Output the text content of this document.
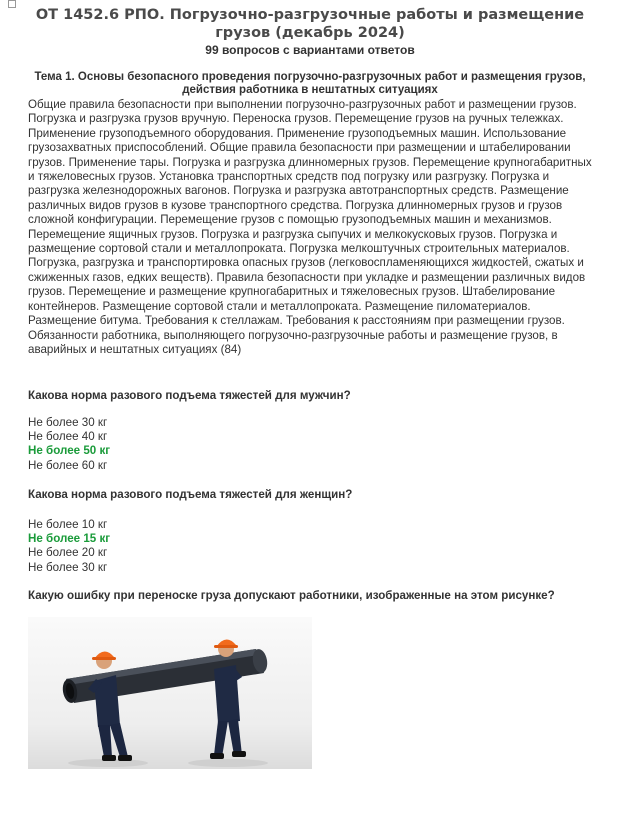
ОТ 1452.6 РПО. Погрузочно-разгрузочные работы и размещение грузов (декабрь 2024)
99 вопросов с вариантами ответов
Тема 1. Основы безопасного проведения погрузочно-разгрузочных работ и размещения грузов, действия работника в нештатных ситуациях
Общие правила безопасности при выполнении погрузочно-разгрузочных работ и размещении грузов. Погрузка и разгрузка грузов вручную. Переноска грузов. Перемещение грузов на ручных тележках. Применение грузоподъемного оборудования. Применение грузоподъемных машин. Использование грузозахватных приспособлений. Общие правила безопасности при размещении и штабелировании грузов. Применение тары. Погрузка и разгрузка длинномерных грузов. Перемещение крупногабаритных и тяжеловесных грузов. Установка транспортных средств под погрузку или разгрузку. Погрузка и разгрузка железнодорожных вагонов. Погрузка и разгрузка автотранспортных средств. Размещение различных видов грузов в кузове транспортного средства. Погрузка длинномерных грузов и грузов сложной конфигурации. Перемещение грузов с помощью грузоподъемных машин и механизмов. Перемещение ящичных грузов. Погрузка и разгрузка сыпучих и мелкокусковых грузов. Погрузка и размещение сортовой стали и металлопроката. Погрузка мелкоштучных строительных материалов. Погрузка, разгрузка и транспортировка опасных грузов (легковоспламеняющихся жидкостей, сжатых и сжиженных газов, едких веществ). Правила безопасности при укладке и размещении различных видов грузов. Перемещение и размещение крупногабаритных и тяжеловесных грузов. Штабелирование контейнеров. Размещение сортовой стали и металлопроката. Размещение пиломатериалов. Размещение битума. Требования к стеллажам. Требования к расстояниям при размещении грузов. Обязанности работника, выполняющего погрузочно-разгрузочные работы и размещение грузов, в аварийных и нештатных ситуациях (84)
Какова норма разового подъема тяжестей для мужчин?
Не более 30 кг
Не более 40 кг
Не более 50 кг
Не более 60 кг
Какова норма разового подъема тяжестей для женщин?
Не более 10 кг
Не более 15 кг
Не более 20 кг
Не более 30 кг
Какую ошибку при переноске груза допускают работники, изображенные на этом рисунке?
